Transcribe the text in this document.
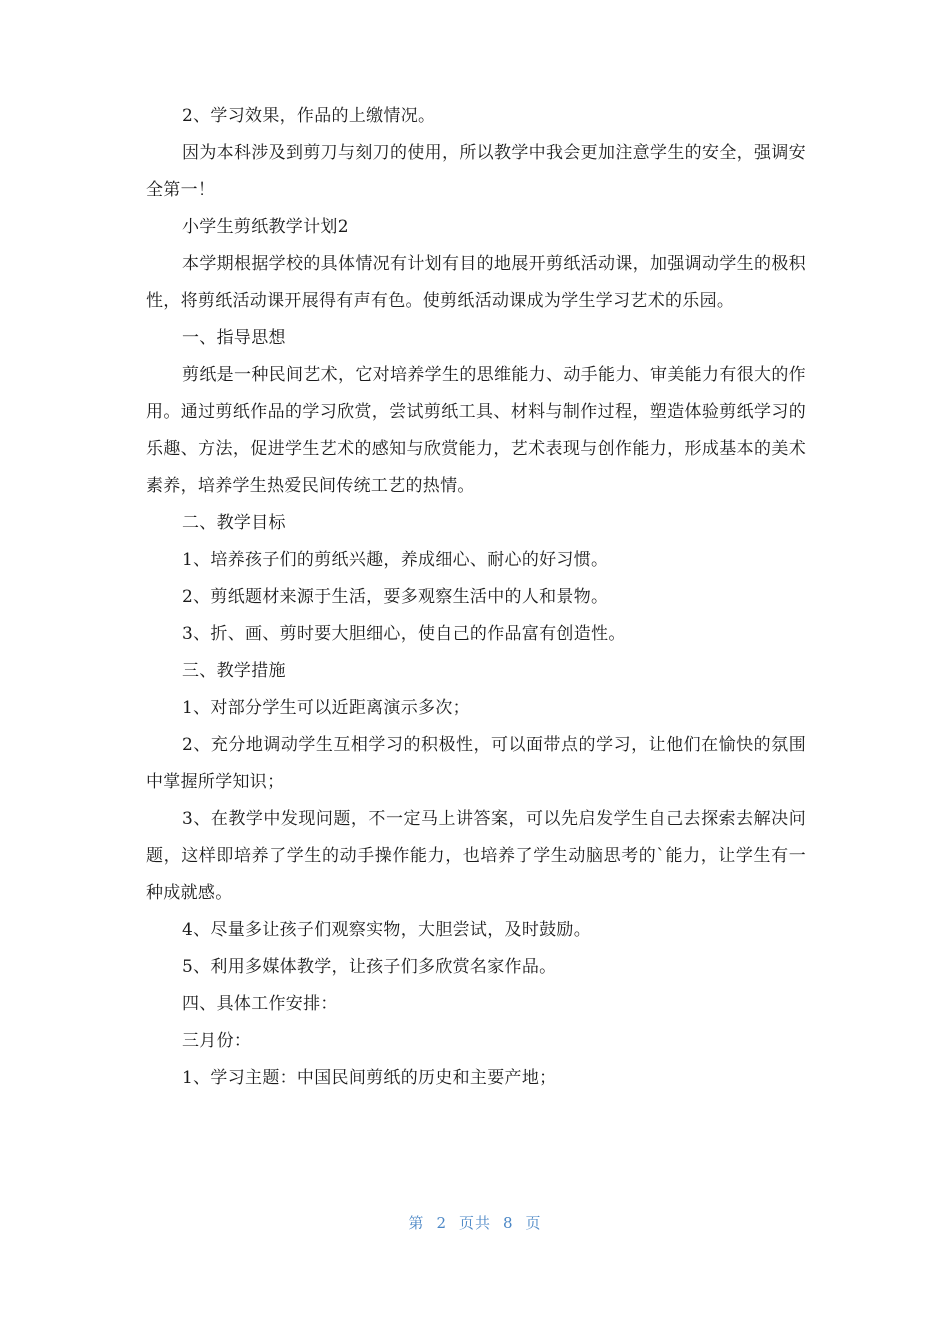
2、学习效果，作品的上缴情况。

因为本科涉及到剪刀与刻刀的使用，所以教学中我会更加注意学生的安全，强调安全第一！

小学生剪纸教学计划2

本学期根据学校的具体情况有计划有目的地展开剪纸活动课，加强调动学生的极积性，将剪纸活动课开展得有声有色。使剪纸活动课成为学生学习艺术的乐园。

一、指导思想

剪纸是一种民间艺术，它对培养学生的思维能力、动手能力、审美能力有很大的作用。通过剪纸作品的学习欣赏，尝试剪纸工具、材料与制作过程，塑造体验剪纸学习的乐趣、方法，促进学生艺术的感知与欣赏能力，艺术表现与创作能力，形成基本的美术素养，培养学生热爱民间传统工艺的热情。

二、教学目标

1、培养孩子们的剪纸兴趣，养成细心、耐心的好习惯。

2、剪纸题材来源于生活，要多观察生活中的人和景物。

3、折、画、剪时要大胆细心，使自己的作品富有创造性。

三、教学措施

1、对部分学生可以近距离演示多次；

2、充分地调动学生互相学习的积极性，可以面带点的学习，让他们在愉快的氛围中掌握所学知识；

3、在教学中发现问题，不一定马上讲答案，可以先启发学生自己去探索去解决问题，这样即培养了学生的动手操作能力，也培养了学生动脑思考的`能力，让学生有一种成就感。

4、尽量多让孩子们观察实物，大胆尝试，及时鼓励。

5、利用多媒体教学，让孩子们多欣赏名家作品。

四、具体工作安排：

三月份：

1、学习主题：中国民间剪纸的历史和主要产地；

第 2 页共 8 页
